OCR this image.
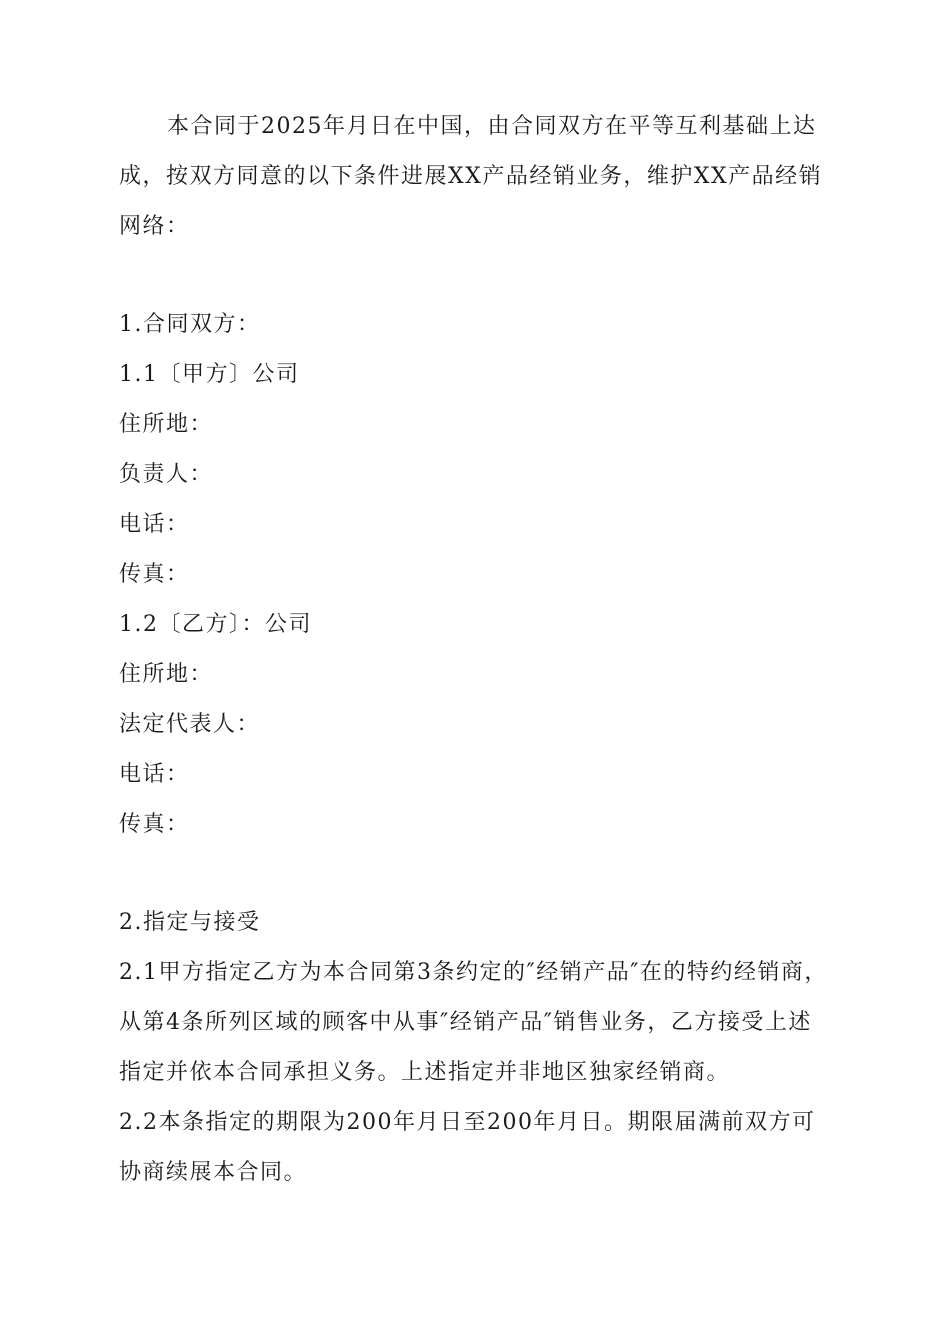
本合同于2025年月日在中国，由合同双方在平等互利基础上达成，按双方同意的以下条件进展XX产品经销业务，维护XX产品经销网络：

1.合同双方：

1.1〔甲方〕公司

住所地：

负责人：

电话：

传真：

1.2〔乙方〕：公司

住所地：

法定代表人：

电话：

传真：

2.指定与接受

2.1甲方指定乙方为本合同第3条约定的″经销产品″在的特约经销商，从第4条所列区域的顾客中从事″经销产品″销售业务，乙方接受上述指定并依本合同承担义务。上述指定并非地区独家经销商。

2.2本条指定的期限为200年月日至200年月日。期限届满前双方可协商续展本合同。
